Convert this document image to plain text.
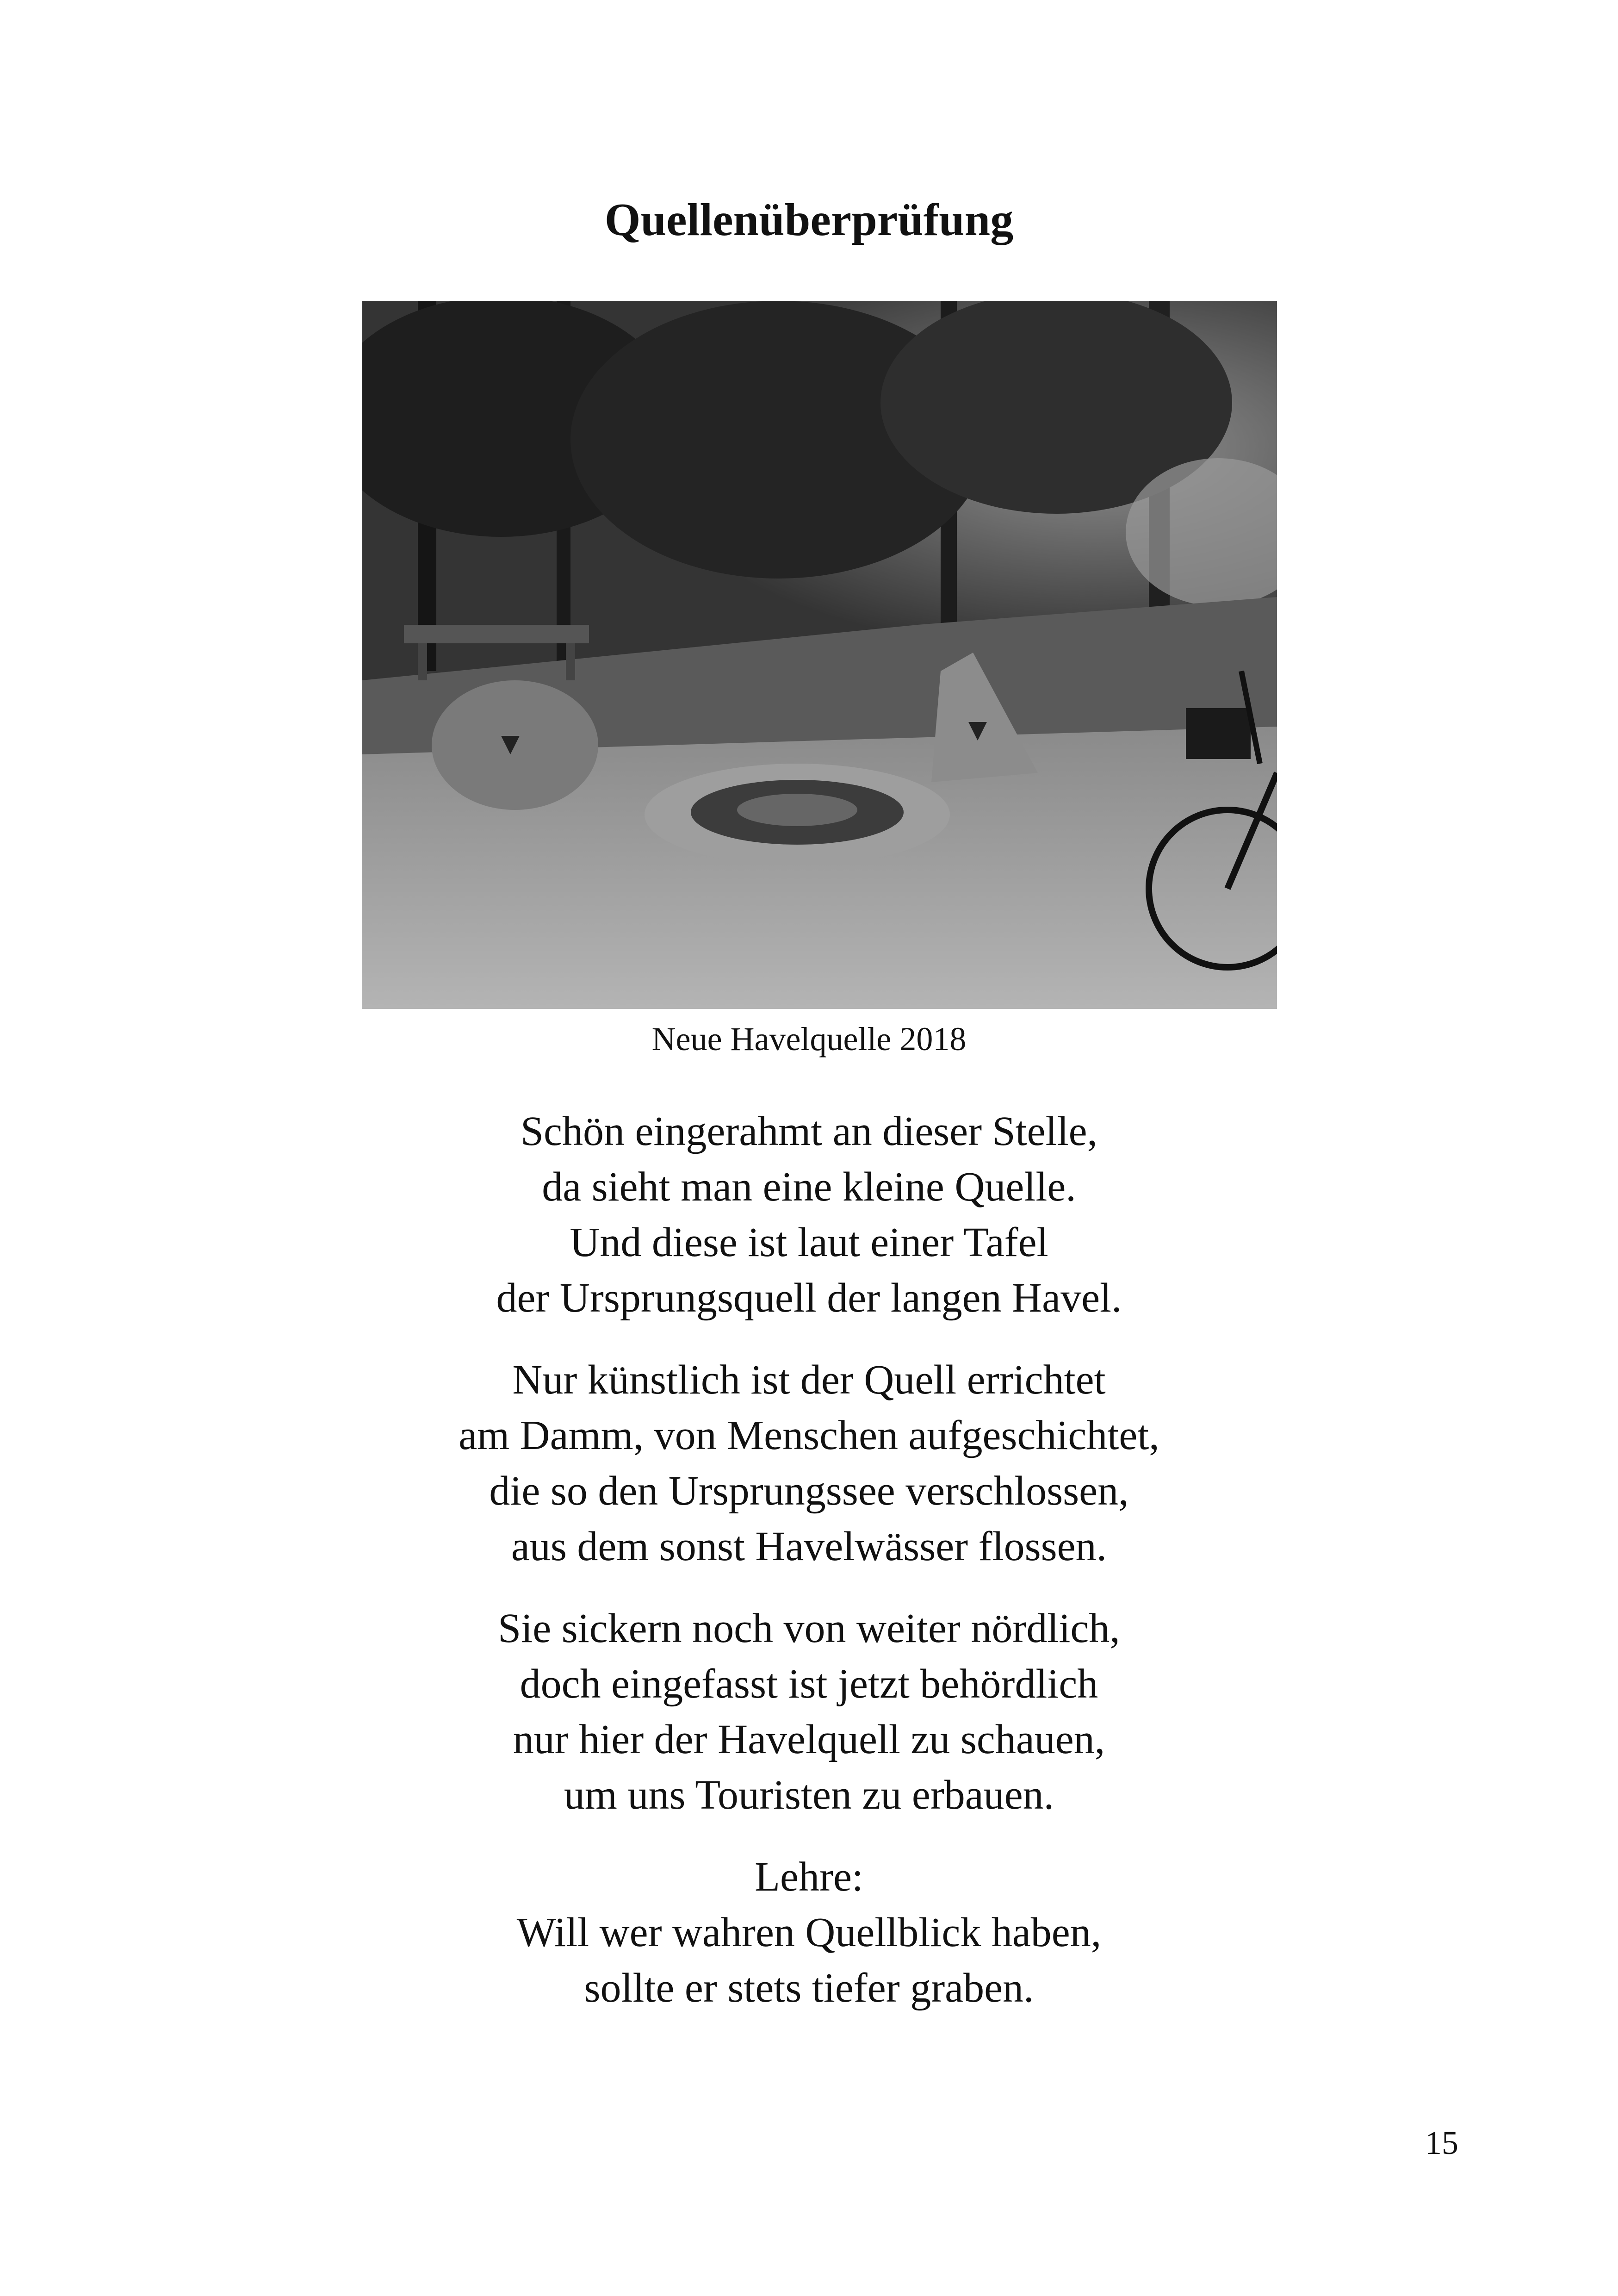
Quellenüberprüfung
Neue Havelquelle 2018

Schön eingerahmt an dieser Stelle,
da sieht man eine kleine Quelle.
Und diese ist laut einer Tafel
der Ursprungsquell der langen Havel.

Nur künstlich ist der Quell errichtet
am Damm, von Menschen aufgeschichtet,
die so den Ursprungssee verschlossen,
aus dem sonst Havelwässer flossen.

Sie sickern noch von weiter nördlich,
doch eingefasst ist jetzt behördlich
nur hier der Havelquell zu schauen,
um uns Touristen zu erbauen.

Lehre:
Will wer wahren Quellblick haben,
sollte er stets tiefer graben.

15
